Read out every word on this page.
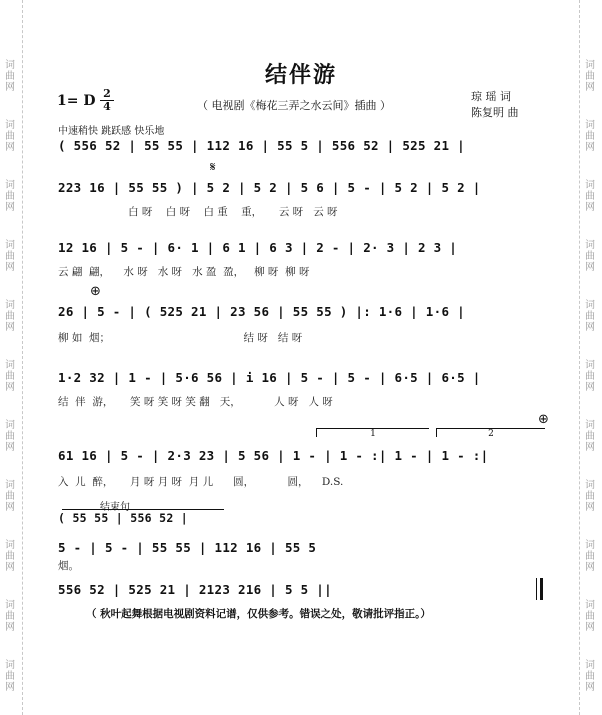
词曲网
词曲网
词曲网
词曲网
词曲网
词曲网
词曲网
词曲网
词曲网
词曲网
词曲网
词曲网
词曲网
词曲网
词曲网
词曲网
词曲网
词曲网
词曲网
词曲网
词曲网
词曲网
结伴游
1= D 2
4	（ 电视剧《梅花三弄之水云间》插曲 ）
琼 瑶 词
陈复明 曲
中速稍快 跳跃感 快乐地
( 556 52 | 55 55 | 112 16 | 55 5 | 556 52 | 525 21 |
𝄋
223 16 | 55 55 ) | 5 2 | 5 2 | 5 6 | 5 - | 5 2 | 5 2 |
白 呀    白 呀    白 重    重，     云 呀   云 呀
12 16 | 5 - | 6· 1 | 6 1 | 6 3 | 2 - | 2· 3 | 2 3 |
云 翩  翩，    水 呀   水 呀   水 盈  盈，   柳 呀  柳 呀
⊕
26 | 5 - | ( 525 21 | 23 56 | 55 55 ) |: 1·6 | 1·6 |
柳 如  烟；                                        结 呀   结 呀
1·2 32 | 1 - | 5·6 56 | i 16 | 5 - | 5 - | 6·5 | 6·5 |
结  伴  游，     笑 呀 笑 呀 笑 翻   天，          人 呀   人 呀
⊕
1	2
61 16 | 5 - | 2·3 23 | 5 56 | 1 - | 1 - :| 1 - | 1 - :|
入  儿  醉，     月 呀 月 呀  月 儿      圆，          圆，    D.S.
结束句
( 55 55 | 556 52 |
5 - | 5 - | 55 55 | 112 16 | 55 5
烟。
556 52 | 525 21 | 2123 216 | 5 5 ||
（ 秋叶起舞根据电视剧资料记谱，仅供参考。错误之处，敬请批评指正。）
